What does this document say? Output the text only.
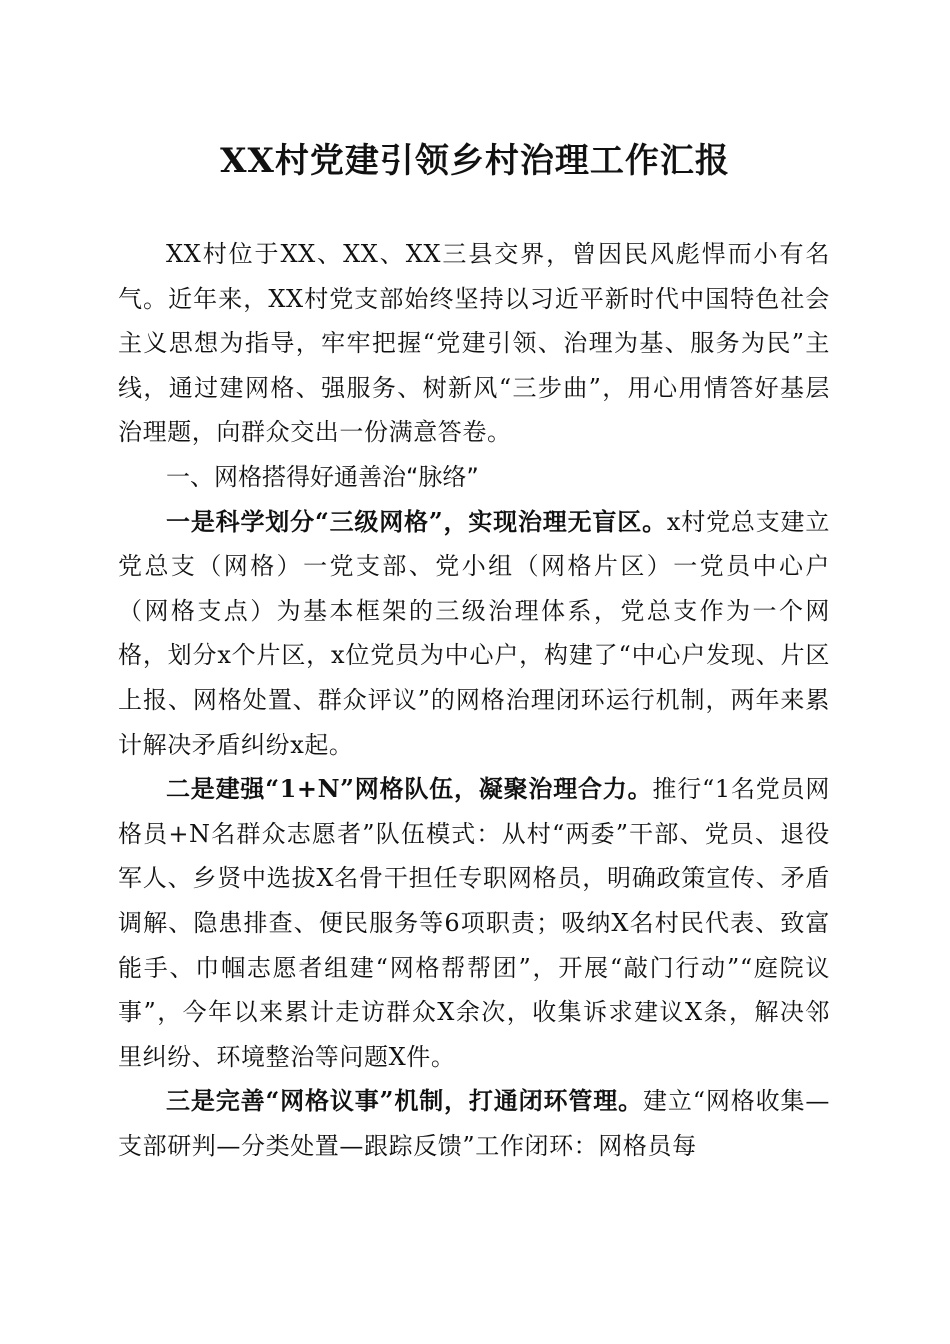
XX村党建引领乡村治理工作汇报

XX村位于XX、XX、XX三县交界，曾因民风彪悍而小有名气。近年来，XX村党支部始终坚持以习近平新时代中国特色社会主义思想为指导，牢牢把握“党建引领、治理为基、服务为民”主线，通过建网格、强服务、树新风“三步曲”，用心用情答好基层治理题，向群众交出一份满意答卷。

一、网格搭得好通善治“脉络”

一是科学划分“三级网格”，实现治理无盲区。x村党总支建立党总支（网格）一党支部、党小组（网格片区）一党员中心户（网格支点）为基本框架的三级治理体系，党总支作为一个网格，划分x个片区，x位党员为中心户，构建了“中心户发现、片区上报、网格处置、群众评议”的网格治理闭环运行机制，两年来累计解决矛盾纠纷x起。

二是建强“1+N”网格队伍，凝聚治理合力。推行“1名党员网格员+N名群众志愿者”队伍模式：从村“两委”干部、党员、退役军人、乡贤中选拔X名骨干担任专职网格员，明确政策宣传、矛盾调解、隐患排查、便民服务等6项职责；吸纳X名村民代表、致富能手、巾帼志愿者组建“网格帮帮团”，开展“敲门行动”“庭院议事”，今年以来累计走访群众X余次，收集诉求建议X条，解决邻里纠纷、环境整治等问题X件。

三是完善“网格议事”机制，打通闭环管理。建立“网格收集—支部研判—分类处置—跟踪反馈”工作闭环：网格员每
